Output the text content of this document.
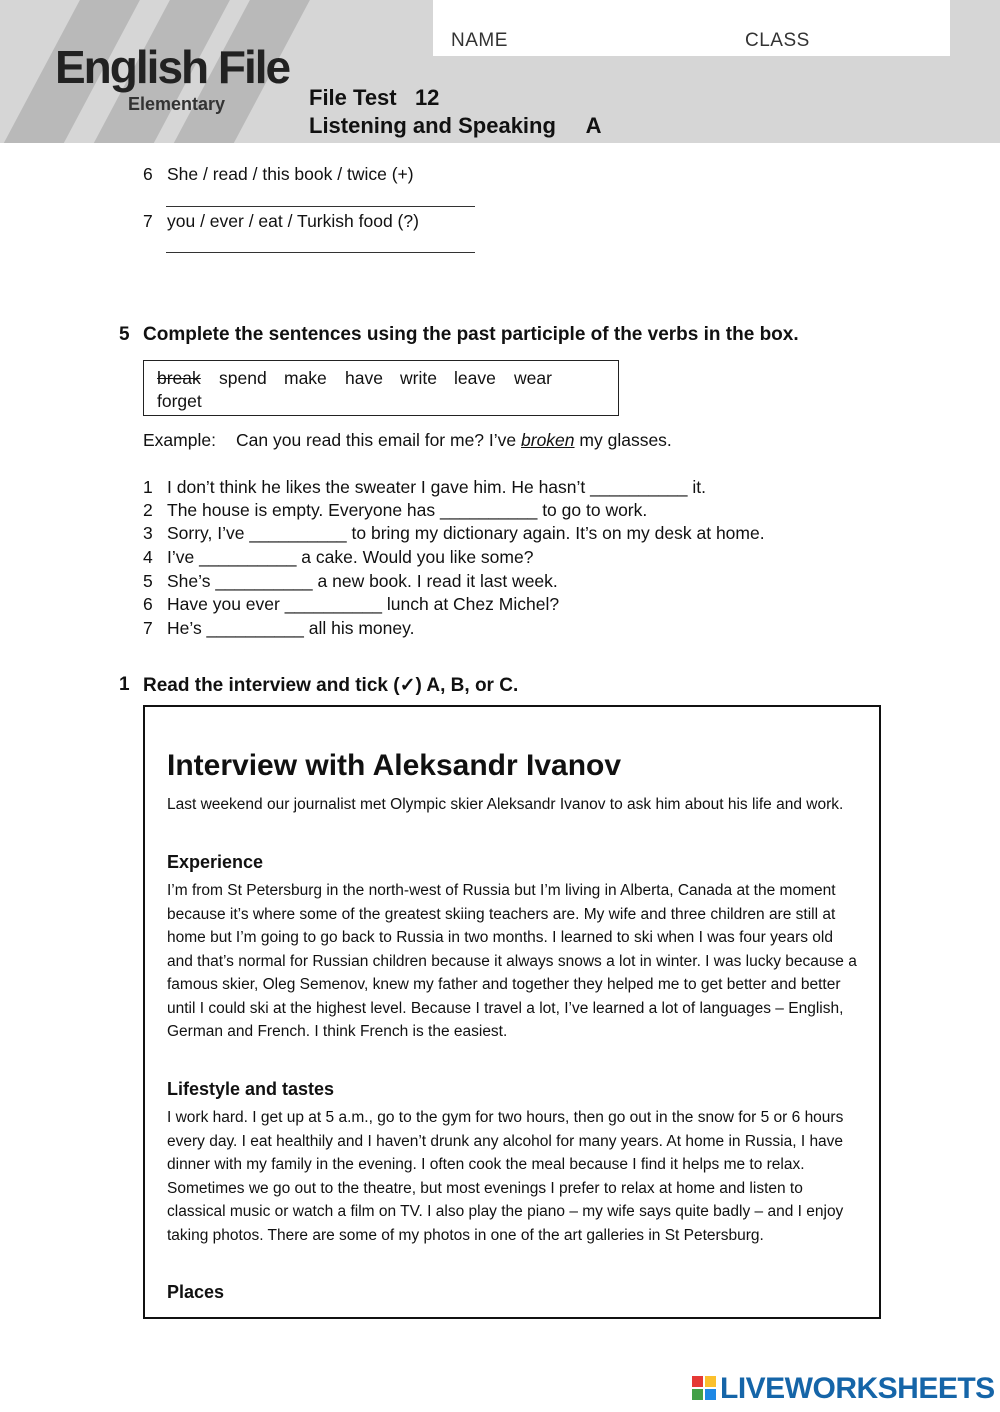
NAME	CLASS
English File
Elementary	File Test   12
Listening and Speaking     A
6 She / read / this book / twice (+)
7 you / ever / eat / Turkish food (?)
5 Complete the sentences using the past participle of the verbs in the box.
break spend make have write leave wear
forget
Example: Can you read this email for me? I’ve broken my glasses.
1 I don’t think he likes the sweater I gave him. He hasn’t __________ it.
2 The house is empty. Everyone has __________ to go to work.
3 Sorry, I’ve __________ to bring my dictionary again. It’s on my desk at home.
4 I’ve __________ a cake. Would you like some?
5 She’s __________ a new book. I read it last week.
6 Have you ever __________ lunch at Chez Michel?
7 He’s __________ all his money.
1 Read the interview and tick (✓) A, B, or C.
Interview with Aleksandr Ivanov
Last weekend our journalist met Olympic skier Aleksandr Ivanov to ask him about his life and work.
Experience
I’m from St Petersburg in the north-west of Russia but I’m living in Alberta, Canada at the moment because it’s where some of the greatest skiing teachers are. My wife and three children are still at home but I’m going to go back to Russia in two months. I learned to ski when I was four years old and that’s normal for Russian children because it always snows a lot in winter. I was lucky because a famous skier, Oleg Semenov, knew my father and together they helped me to get better and better until I could ski at the highest level. Because I travel a lot, I’ve learned a lot of languages – English, German and French. I think French is the easiest.
Lifestyle and tastes
I work hard. I get up at 5 a.m., go to the gym for two hours, then go out in the snow for 5 or 6 hours every day. I eat healthily and I haven’t drunk any alcohol for many years. At home in Russia, I have dinner with my family in the evening. I often cook the meal because I find it helps me to relax. Sometimes we go out to the theatre, but most evenings I prefer to relax at home and listen to classical music or watch a film on TV. I also play the piano – my wife says quite badly – and I enjoy taking photos. There are some of my photos in one of the art galleries in St Petersburg.
Places
LIVEWORKSHEETS
